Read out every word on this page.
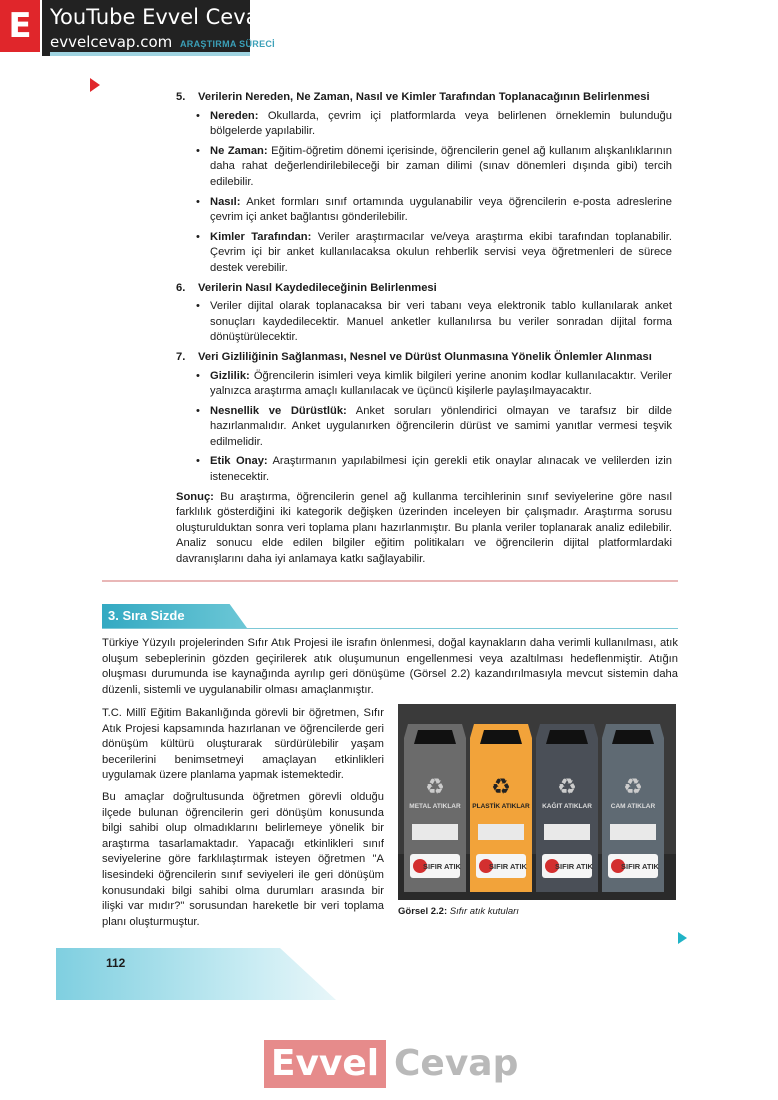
E YouTube Evvel Cevap
evvelcevap.com ARAŞTIRMA SÜRECİ
5. Verilerin Nereden, Ne Zaman, Nasıl ve Kimler Tarafından Toplanacağının Belirlenmesi
• Nereden: Okullarda, çevrim içi platformlarda veya belirlenen örneklemin bulunduğu bölgelerde yapılabilir.
• Ne Zaman: Eğitim-öğretim dönemi içerisinde, öğrencilerin genel ağ kullanım alışkanlıklarının daha rahat değerlendirilebileceği bir zaman dilimi (sınav dönemleri dışında gibi) tercih edilebilir.
• Nasıl: Anket formları sınıf ortamında uygulanabilir veya öğrencilerin e-posta adreslerine çevrim içi anket bağlantısı gönderilebilir.
• Kimler Tarafından: Veriler araştırmacılar ve/veya araştırma ekibi tarafından toplanabilir. Çevrim içi bir anket kullanılacaksa okulun rehberlik servisi veya öğretmenleri de sürece destek verebilir.
6. Verilerin Nasıl Kaydedileceğinin Belirlenmesi
• Veriler dijital olarak toplanacaksa bir veri tabanı veya elektronik tablo kullanılarak anket sonuçları kaydedilecektir. Manuel anketler kullanılırsa bu veriler sonradan dijital forma dönüştürülecektir.
7. Veri Gizliliğinin Sağlanması, Nesnel ve Dürüst Olunmasına Yönelik Önlemler Alınması
• Gizlilik: Öğrencilerin isimleri veya kimlik bilgileri yerine anonim kodlar kullanılacaktır. Veriler yalnızca araştırma amaçlı kullanılacak ve üçüncü kişilerle paylaşılmayacaktır.
• Nesnellik ve Dürüstlük: Anket soruları yönlendirici olmayan ve tarafsız bir dilde hazırlanmalıdır. Anket uygulanırken öğrencilerin dürüst ve samimi yanıtlar vermesi teşvik edilmelidir.
• Etik Onay: Araştırmanın yapılabilmesi için gerekli etik onaylar alınacak ve velilerden izin istenecektir.
Sonuç: Bu araştırma, öğrencilerin genel ağ kullanma tercihlerinin sınıf seviyelerine göre nasıl farklılık gösterdiğini iki kategorik değişken üzerinden inceleyen bir çalışmadır. Araştırma sorusu oluşturulduktan sonra veri toplama planı hazırlanmıştır. Bu planla veriler toplanarak analiz edilebilir. Analiz sonucu elde edilen bilgiler eğitim politikaları ve öğrencilerin dijital platformlardaki davranışlarını daha iyi anlamaya katkı sağlayabilir.
3. Sıra Sizde
Türkiye Yüzyılı projelerinden Sıfır Atık Projesi ile israfın önlenmesi, doğal kaynakların daha verimli kullanılması, atık oluşum sebeplerinin gözden geçirilerek atık oluşumunun engellenmesi veya azaltılması hedeflenmiştir. Atığın oluşması durumunda ise kaynağında ayrılıp geri dönüşüme (Görsel 2.2) kazandırılmasıyla mevcut sistemin daha düzenli, sistemli ve uygulanabilir olması amaçlanmıştır.

T.C. Millî Eğitim Bakanlığında görevli bir öğretmen, Sıfır Atık Projesi kapsamında hazırlanan ve öğrencilerde geri dönüşüm kültürü oluşturarak sürdürülebilir yaşam becerilerini benimsetmeyi amaçlayan etkinlikleri uygulamak üzere planlama yapmak istemektedir.

Bu amaçlar doğrultusunda öğretmen görevli olduğu ilçede bulunan öğrencilerin geri dönüşüm konusunda bilgi sahibi olup olmadıklarını belirlemeye yönelik bir araştırma tasarlamaktadır. Yapacağı etkinlikleri sınıf seviyelerine göre farklılaştırmak isteyen öğretmen "A lisesindeki öğrencilerin sınıf seviyeleri ile geri dönüşüm konusundaki bilgi sahibi olma durumları arasında bir ilişki var mıdır?" sorusundan hareketle bir veri toplama planı oluşturmuştur.

♻
METAL ATIKLAR
SIFIR ATIK
♻
PLASTİK ATIKLAR
SIFIR ATIK
♻
KAĞIT ATIKLAR
SIFIR ATIK
♻
CAM ATIKLAR
SIFIR ATIK
Görsel 2.2: Sıfır atık kutuları
112
Evvel Cevap
